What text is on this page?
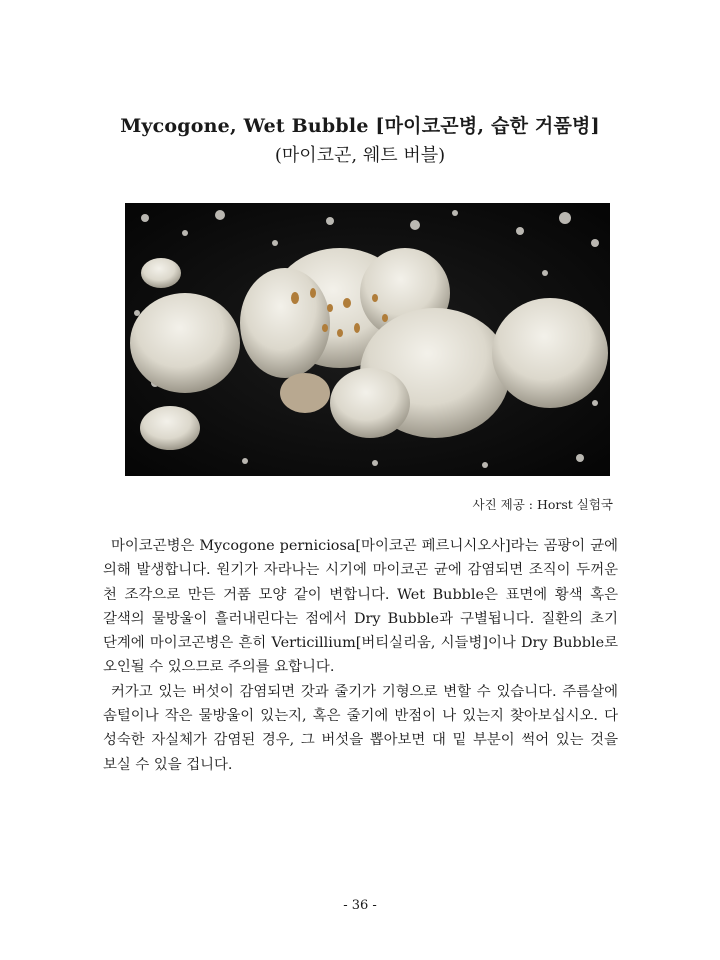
Mycogone, Wet Bubble [마이코곤병, 습한 거품병]
(마이코곤, 웨트 버블)
사진 제공 : Horst 실험국

마이코곤병은 Mycogone perniciosa[마이코곤 페르니시오사]라는 곰팡이 균에 의해 발생합니다. 원기가 자라나는 시기에 마이코곤 균에 감염되면 조직이 두꺼운 천 조각으로 만든 거품 모양 같이 변합니다. Wet Bubble은 표면에 황색 혹은 갈색의 물방울이 흘러내린다는 점에서 Dry Bubble과 구별됩니다. 질환의 초기 단계에 마이코곤병은 흔히 Verticillium[버티실리움, 시들병]이나 Dry Bubble로 오인될 수 있으므로 주의를 요합니다.

커가고 있는 버섯이 감염되면 갓과 줄기가 기형으로 변할 수 있습니다. 주름살에 솜털이나 작은 물방울이 있는지, 혹은 줄기에 반점이 나 있는지 찾아보십시오. 다 성숙한 자실체가 감염된 경우, 그 버섯을 뽑아보면 대 밑 부분이 썩어 있는 것을 보실 수 있을 겁니다.

- 36 -
